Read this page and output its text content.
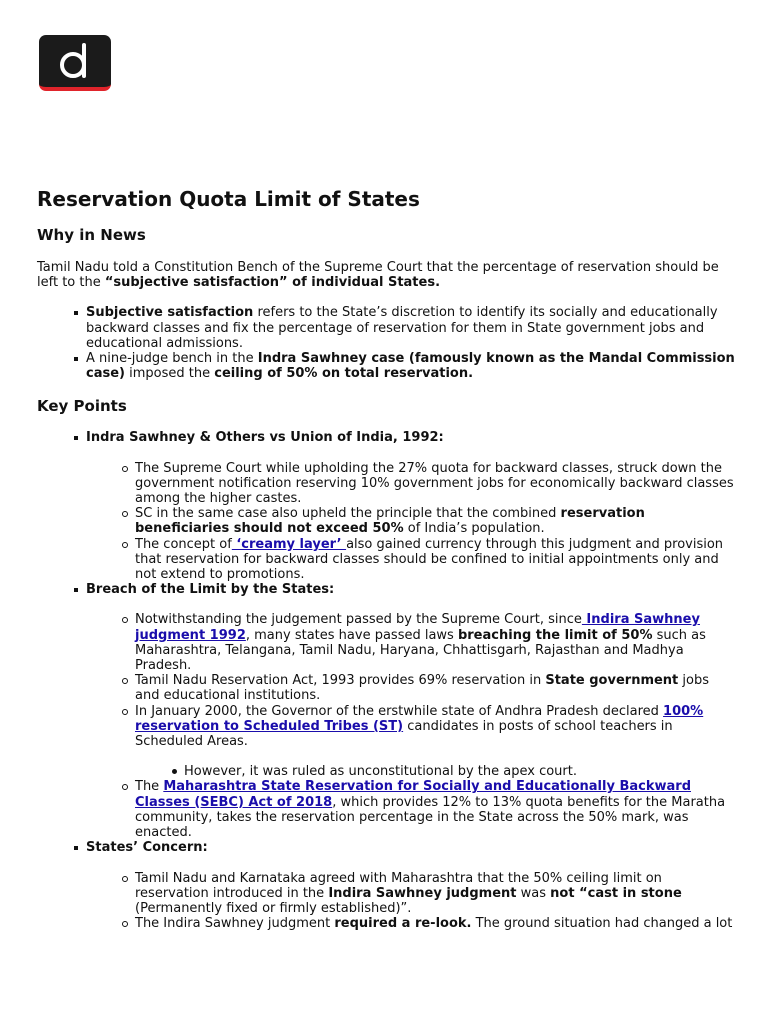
Reservation Quota Limit of States
Why in News

Tamil Nadu told a Constitution Bench of the Supreme Court that the percentage of reservation should be left to the “subjective satisfaction” of individual States.

Subjective satisfaction refers to the State’s discretion to identify its socially and educationally backward classes and fix the percentage of reservation for them in State government jobs and educational admissions.
A nine-judge bench in the Indra Sawhney case (famously known as the Mandal Commission case) imposed the ceiling of 50% on total reservation.
Key Points
Indra Sawhney & Others vs Union of India, 1992:
The Supreme Court while upholding the 27% quota for backward classes, struck down the government notification reserving 10% government jobs for economically backward classes among the higher castes.
SC in the same case also upheld the principle that the combined reservation beneficiaries should not exceed 50% of India’s population.
The concept of ‘creamy layer’ also gained currency through this judgment and provision that reservation for backward classes should be confined to initial appointments only and not extend to promotions.
Breach of the Limit by the States:
Notwithstanding the judgement passed by the Supreme Court, since Indira Sawhney judgment 1992, many states have passed laws breaching the limit of 50% such as Maharashtra, Telangana, Tamil Nadu, Haryana, Chhattisgarh, Rajasthan and Madhya Pradesh.
Tamil Nadu Reservation Act, 1993 provides 69% reservation in State government jobs and educational institutions.
In January 2000, the Governor of the erstwhile state of Andhra Pradesh declared 100% reservation to Scheduled Tribes (ST) candidates in posts of school teachers in Scheduled Areas.
However, it was ruled as unconstitutional by the apex court.
The Maharashtra State Reservation for Socially and Educationally Backward Classes (SEBC) Act of 2018, which provides 12% to 13% quota benefits for the Maratha community, takes the reservation percentage in the State across the 50% mark, was enacted.
States’ Concern:
Tamil Nadu and Karnataka agreed with Maharashtra that the 50% ceiling limit on reservation introduced in the Indira Sawhney judgment was not “cast in stone (Permanently fixed or firmly established)”.
The Indira Sawhney judgment required a re-look. The ground situation had changed a lot
